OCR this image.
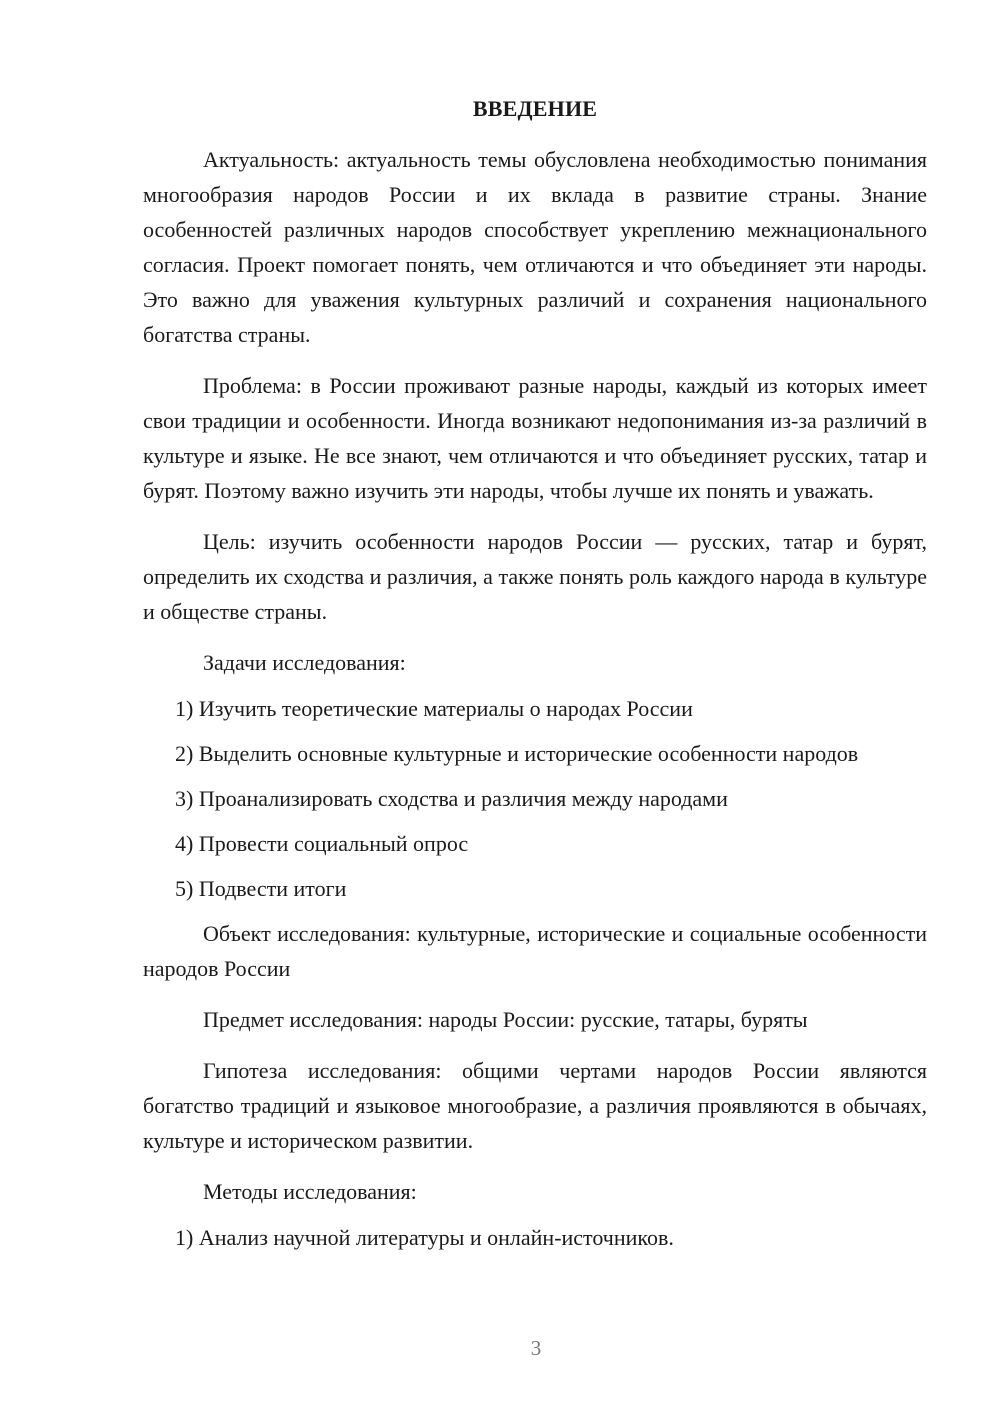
ВВЕДЕНИЕ

Актуальность: актуальность темы обусловлена необходимостью понимания многообразия народов России и их вклада в развитие страны. Знание особенностей различных народов способствует укреплению межнационального согласия. Проект помогает понять, чем отличаются и что объединяет эти народы. Это важно для уважения культурных различий и сохранения национального богатства страны.

Проблема: в России проживают разные народы, каждый из которых имеет свои традиции и особенности. Иногда возникают недопонимания из-за различий в культуре и языке. Не все знают, чем отличаются и что объединяет русских, татар и бурят. Поэтому важно изучить эти народы, чтобы лучше их понять и уважать.

Цель: изучить особенности народов России — русских, татар и бурят, определить их сходства и различия, а также понять роль каждого народа в культуре и обществе страны.

Задачи исследования:

1) Изучить теоретические материалы о народах России

2) Выделить основные культурные и исторические особенности народов

3) Проанализировать сходства и различия между народами

4) Провести социальный опрос

5) Подвести итоги

Объект исследования: культурные, исторические и социальные особенности народов России

Предмет исследования: народы России: русские, татары, буряты

Гипотеза исследования: общими чертами народов России являются богатство традиций и языковое многообразие, а различия проявляются в обычаях, культуре и историческом развитии.

Методы исследования:

1) Анализ научной литературы и онлайн-источников.

3
